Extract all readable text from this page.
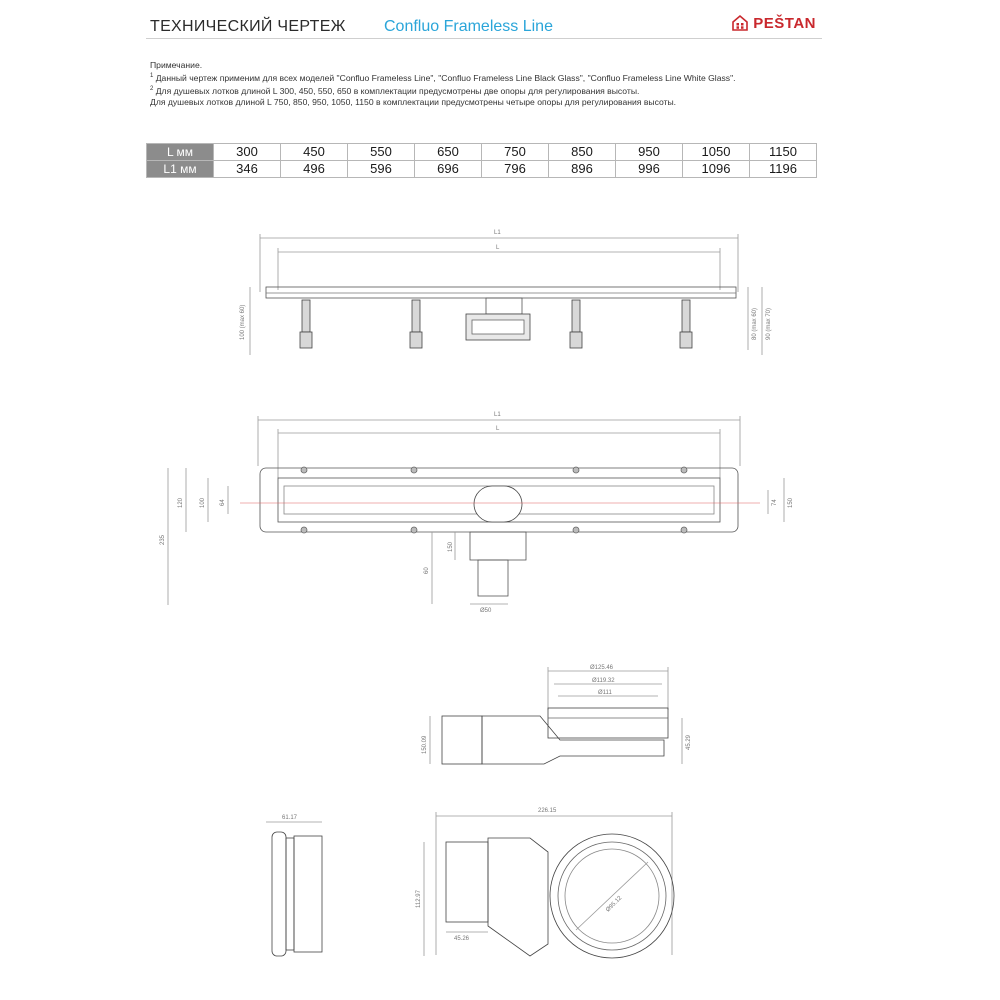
ТЕХНИЧЕСКИЙ ЧЕРТЕЖ Confluo Frameless Line	PEŠTAN

Примечание.

$^1$ Данный чертеж применим для всех моделей "Confluo Frameless Line", "Confluo Frameless Line Black Glass", "Confluo Frameless Line White Glass".

$^2$ Для душевых лотков длиной L 300, 450, 550, 650 в комплектации предусмотрены две опоры для регулирования высоты.

Для душевых лотков длиной L 750, 850, 950, 1050, 1150 в комплектации предусмотрены четыре опоры для регулирования высоты.

L мм	300	450	550	650	750	850	950	1050	1150
L1 мм	346	496	596	696	796	896	996	1096	1196
L1
L
100 (max 60)	80 (max 60) 90 (max 70)
L1
L
235
120	100 64	74 150
60
150
Ø50
Ø125.46
Ø119.32
Ø111
150.09	45.29
61.17
226.15
112.97
45.26
Ø95.12
